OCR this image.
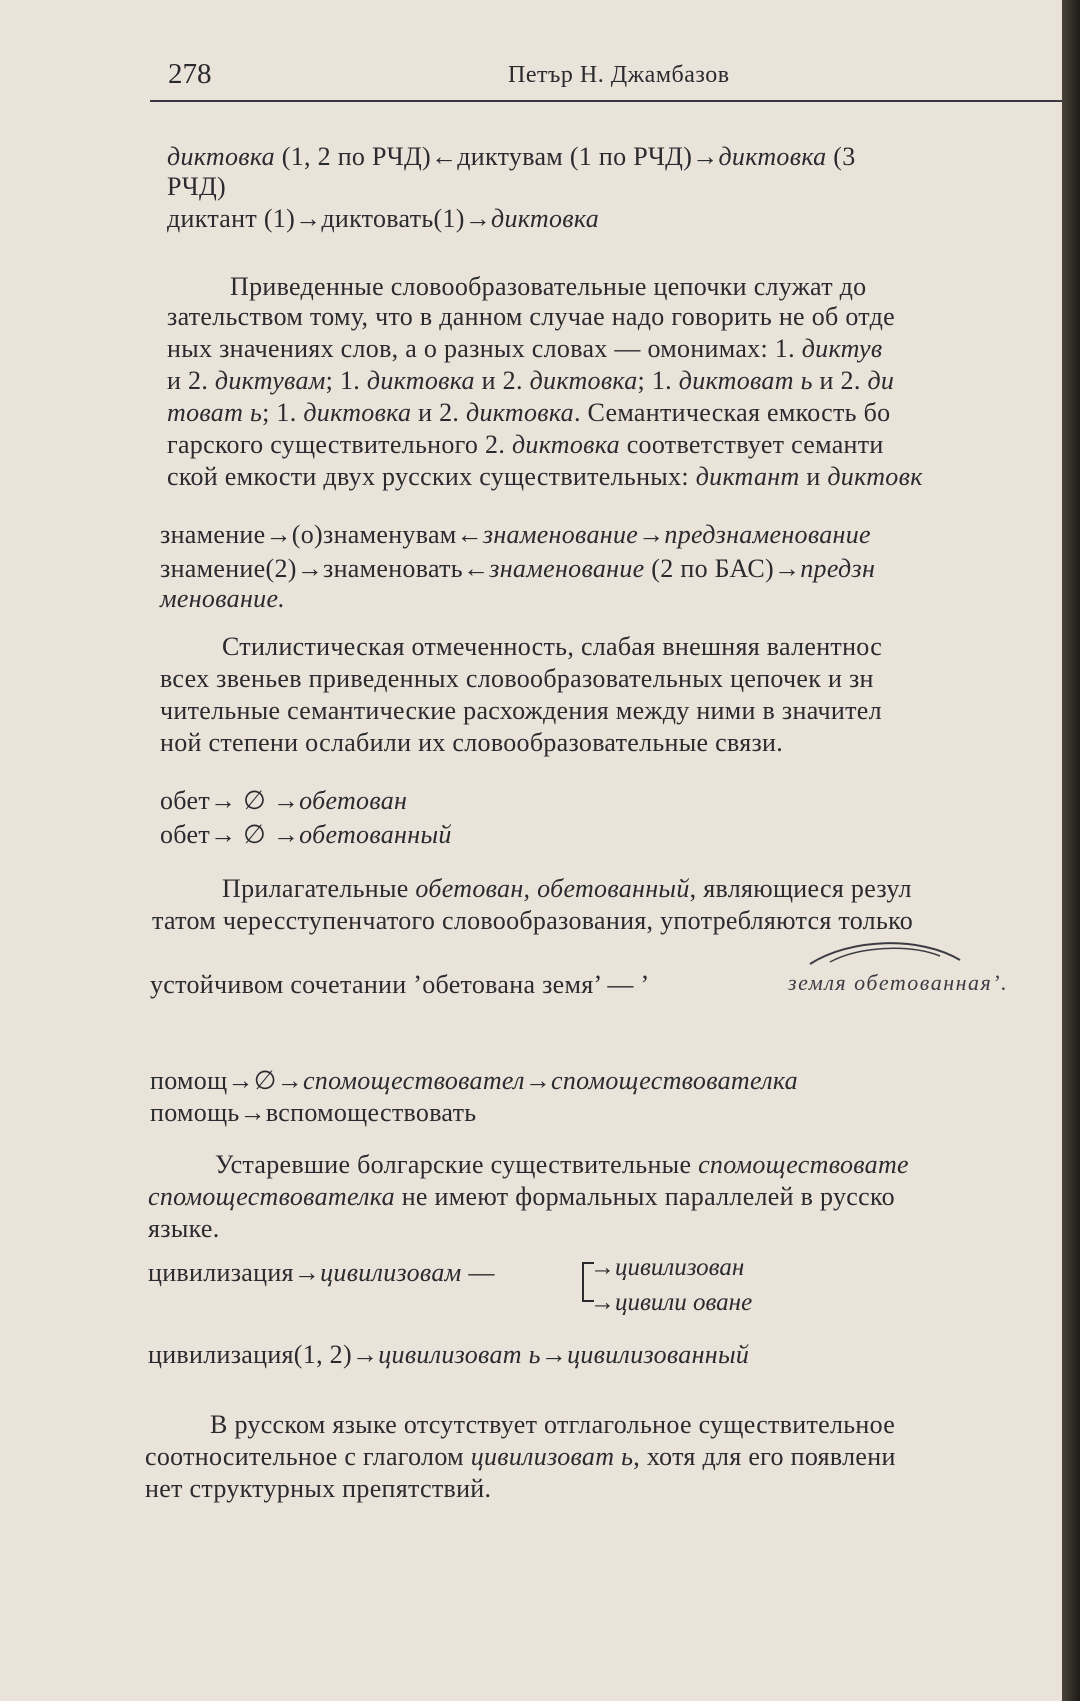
278	Петър Н. Джамбазов
диктовка (1, 2 по РЧД)←диктувам (1 по РЧД)→диктовка (3
РЧД)
диктант (1)→диктовать(1)→диктовка
Приведенные словообразовательные цепочки служат до
зательством тому, что в данном случае надо говорить не об отде
ных значениях слов, а о разных словах — омонимах: 1. диктув
и 2. диктувам; 1. диктовка и 2. диктовка; 1. диктоват ь и 2. ди
товат ь; 1. диктовка и 2. диктовка. Семантическая емкость бо
гарского существительного 2. диктовка соответствует семанти
ской емкости двух русских существительных: диктант и диктовк
знамение→(о)знаменувам←знаменование→предзнаменование
знамение(2)→знаменовать←знаменование (2 по БАС)→предзн
менование.
Стилистическая отмеченность, слабая внешняя валентнос
всех звеньев приведенных словообразовательных цепочек и зн
чительные семантические расхождения между ними в значител
ной степени ослабили их словообразовательные связи.
обет→ ∅ →обетован
обет→ ∅ →обетованный
Прилагательные обетован, обетованный, являющиеся резул
татом чересступенчатого словообразования, употребляются только
устойчивом сочетании ’обетована земя’ — ’
помощ→∅→спомоществовател→спомоществователка
помощь→вспомоществовать
Устаревшие болгарские существительные спомоществовате
спомоществователка не имеют формальных параллелей в русско
языке.
цивилизация→цивилизовам —
цивилизация(1, 2)→цивилизоват ь→цивилизованный
В русском языке отсутствует отглагольное существительное
соотносительное с глаголом цивилизоват ь, хотя для его появлени
нет структурных препятствий.
→цивилизован
→цивили оване
земля обетованная’.
